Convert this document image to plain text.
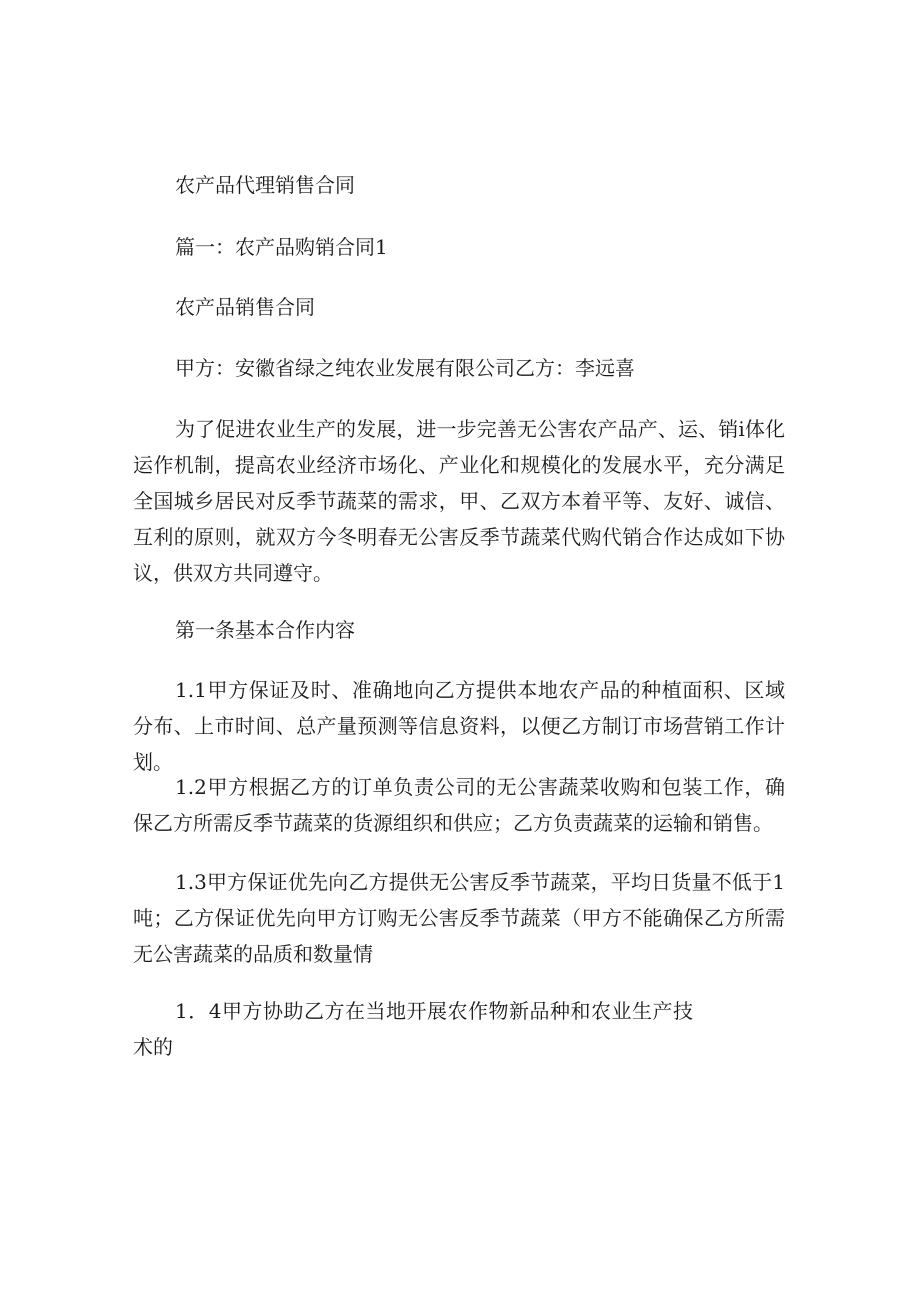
农产品代理销售合同
篇一：农产品购销合同1
农产品销售合同
甲方：安徽省绿之纯农业发展有限公司乙方：李远喜

为了促进农业生产的发展，进一步完善无公害农产品产、运、销i体化运作机制，提高农业经济市场化、产业化和规模化的发展水平，充分满足全国城乡居民对反季节蔬菜的需求，甲、乙双方本着平等、友好、诚信、互利的原则，就双方今冬明春无公害反季节蔬菜代购代销合作达成如下协议，供双方共同遵守。

第一条基本合作内容

1.1甲方保证及时、准确地向乙方提供本地农产品的种植面积、区域分布、上市时间、总产量预测等信息资料，以便乙方制订市场营销工作计划。

1.2甲方根据乙方的订单负责公司的无公害蔬菜收购和包装工作，确保乙方所需反季节蔬菜的货源组织和供应；乙方负责蔬菜的运输和销售。

1.3甲方保证优先向乙方提供无公害反季节蔬菜，平均日货量不低于1吨；乙方保证优先向甲方订购无公害反季节蔬菜（甲方不能确保乙方所需无公害蔬菜的品质和数量情

1．4甲方协助乙方在当地开展农作物新品种和农业生产技术的
